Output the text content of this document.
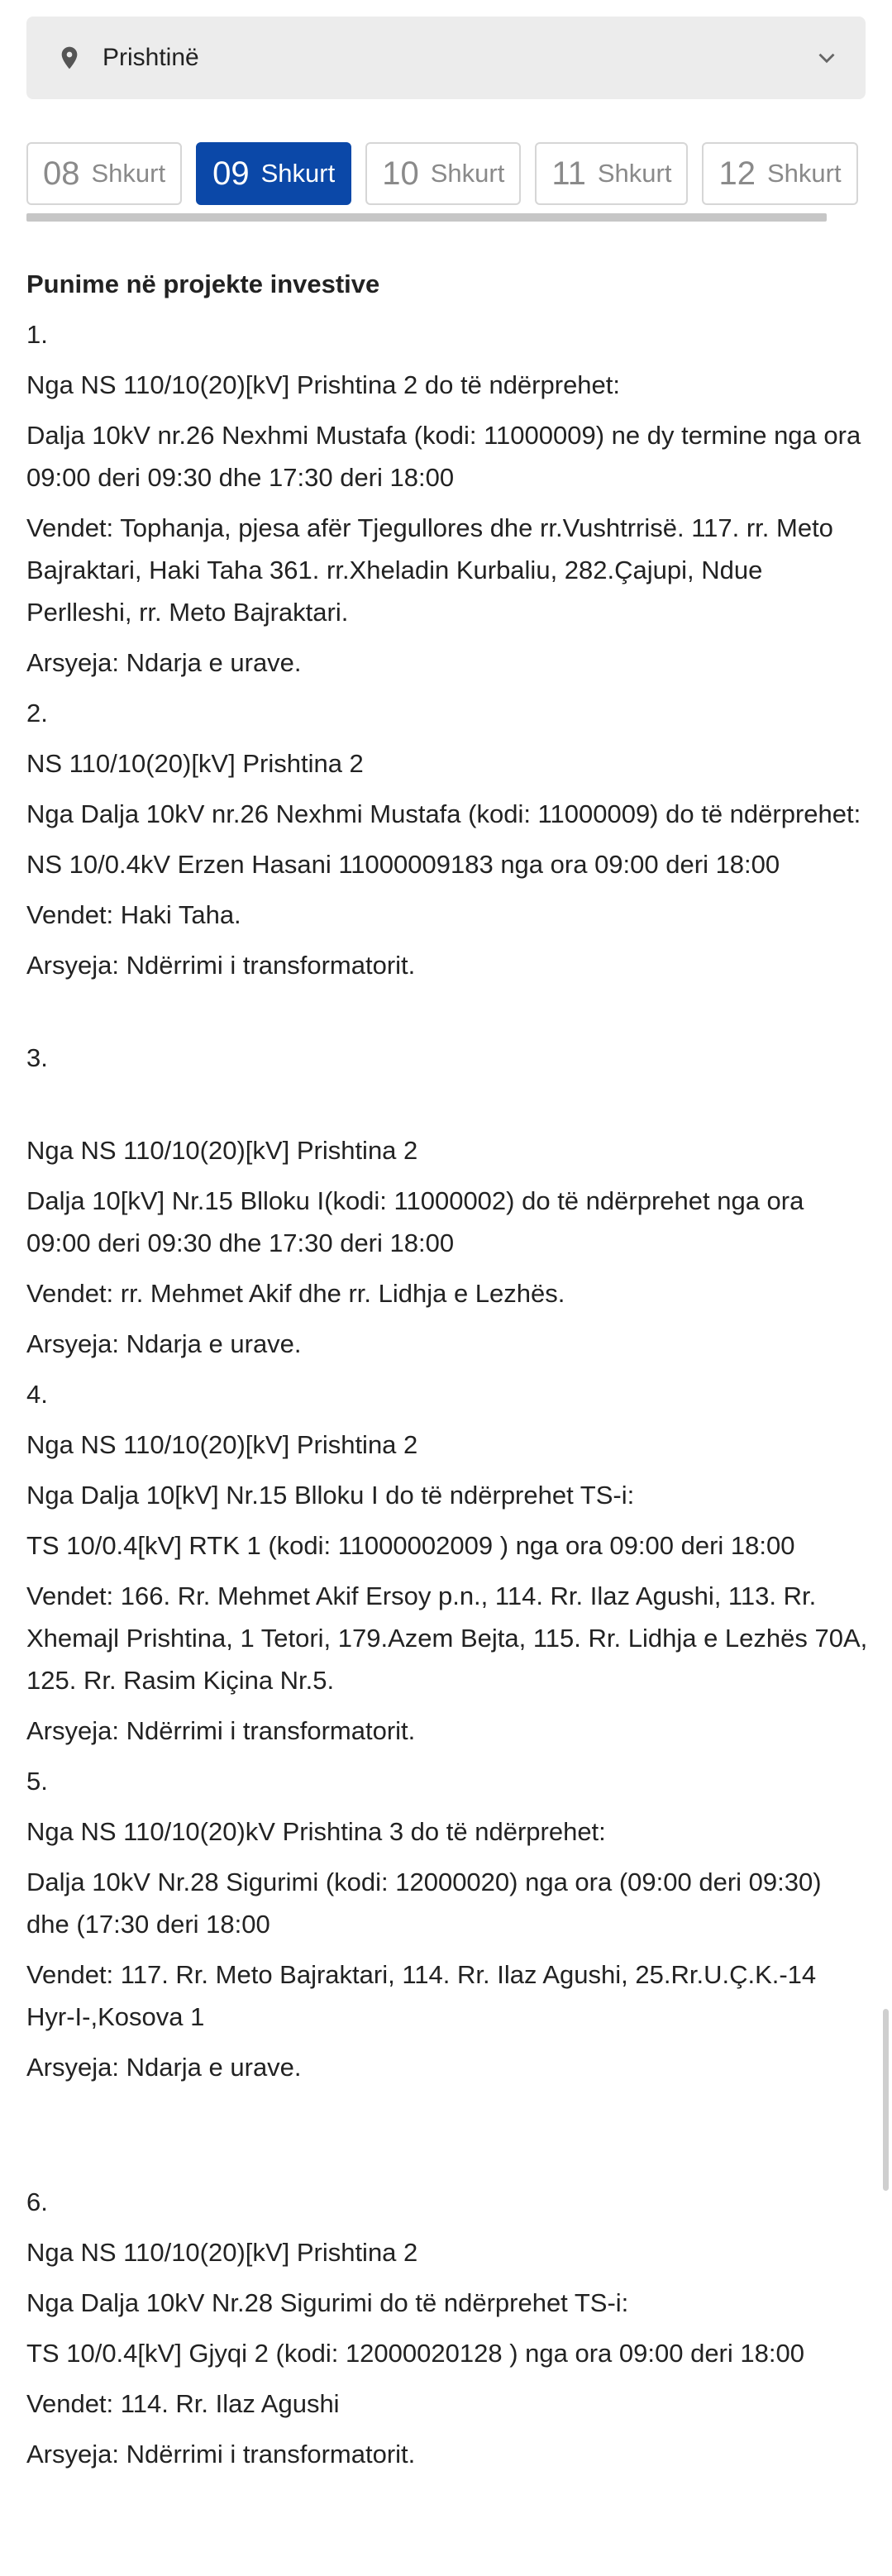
Prishtinë
08 Shkurt 09 Shkurt 10 Shkurt 11 Shkurt 12 Shkurt

Punime në projekte investive

1.

Nga NS 110/10(20)[kV] Prishtina 2 do të ndërprehet:

Dalja 10kV nr.26 Nexhmi Mustafa (kodi: 11000009) ne dy termine nga ora 09:00 deri 09:30 dhe 17:30 deri 18:00

Vendet: Tophanja, pjesa afër Tjegullores dhe rr.Vushtrrisë. 117. rr. Meto Bajraktari, Haki Taha 361. rr.Xheladin Kurbaliu, 282.Çajupi, Ndue Perlleshi, rr. Meto Bajraktari.

Arsyeja: Ndarja e urave.

2.

NS 110/10(20)[kV] Prishtina 2

Nga Dalja 10kV nr.26 Nexhmi Mustafa (kodi: 11000009) do të ndërprehet:

NS 10/0.4kV Erzen Hasani 11000009183 nga ora 09:00 deri 18:00

Vendet: Haki Taha.

Arsyeja: Ndërrimi i transformatorit.

3.

Nga NS 110/10(20)[kV] Prishtina 2

Dalja 10[kV] Nr.15 Blloku I(kodi: 11000002) do të ndërprehet nga ora 09:00 deri 09:30 dhe 17:30 deri 18:00

Vendet: rr. Mehmet Akif dhe rr. Lidhja e Lezhës.

Arsyeja: Ndarja e urave.

4.

Nga NS 110/10(20)[kV] Prishtina 2

Nga Dalja 10[kV] Nr.15 Blloku I do të ndërprehet TS-i:

TS 10/0.4[kV] RTK 1 (kodi: 11000002009 ) nga ora 09:00 deri 18:00

Vendet: 166. Rr. Mehmet Akif Ersoy p.n., 114. Rr. Ilaz Agushi, 113. Rr. Xhemajl Prishtina, 1 Tetori, 179.Azem Bejta, 115. Rr. Lidhja e Lezhës 70A, 125. Rr. Rasim Kiçina Nr.5.

Arsyeja: Ndërrimi i transformatorit.

5.

Nga NS 110/10(20)kV Prishtina 3 do të ndërprehet:

Dalja 10kV Nr.28 Sigurimi (kodi: 12000020) nga ora (09:00 deri 09:30) dhe (17:30 deri 18:00

Vendet: 117. Rr. Meto Bajraktari, 114. Rr. Ilaz Agushi, 25.Rr.U.Ç.K.-14 Hyr-I-,Kosova 1

Arsyeja: Ndarja e urave.

6.

Nga NS 110/10(20)[kV] Prishtina 2

Nga Dalja 10kV Nr.28 Sigurimi do të ndërprehet TS-i:

TS 10/0.4[kV] Gjyqi 2 (kodi: 12000020128 ) nga ora 09:00 deri 18:00

Vendet: 114. Rr. Ilaz Agushi

Arsyeja: Ndërrimi i transformatorit.
